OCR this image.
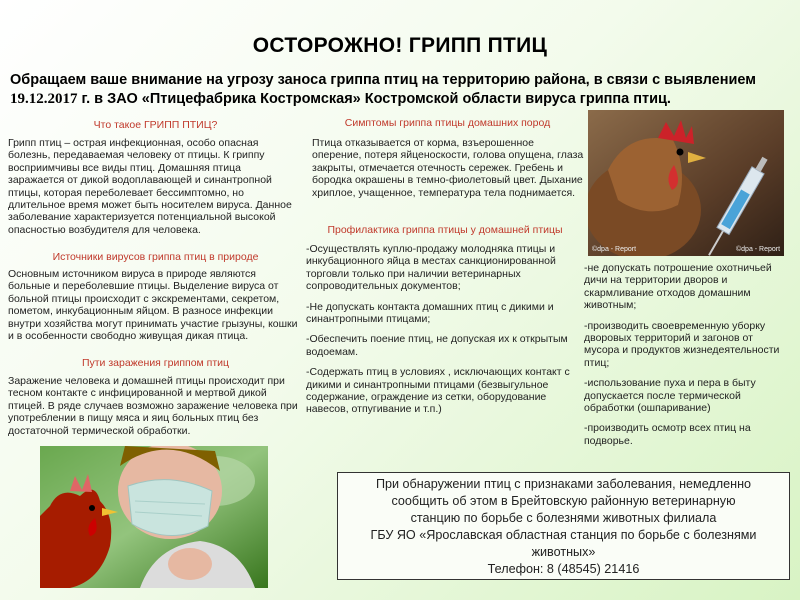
ОСТОРОЖНО! ГРИПП ПТИЦ
Обращаем ваше внимание на угрозу заноса гриппа птиц на территорию района, в связи с выявлением
19.12.2017 г. в ЗАО «Птицефабрика Костромская» Костромской области вируса гриппа птиц.
Что такое ГРИПП ПТИЦ?
Грипп птиц – острая инфекционная, особо опасная болезнь, передаваемая человеку от птицы. К гриппу восприимчивы все виды птиц. Домашняя птица заражается от дикой водоплавающей и синантропной птицы, которая переболевает бессимптомно, но длительное время может быть носителем вируса. Данное заболевание характеризуется потенциальной высокой опасностью возбудителя для человека.
Источники вирусов гриппа птиц в природе
Основным источником вируса в природе являются больные и переболевшие птицы. Выделение вируса от больной птицы происходит с экскрементами, секретом, пометом, инкубационным яйцом. В разносе инфекции внутри хозяйства могут принимать участие грызуны, кошки и в особенности свободно живущая дикая птица.
Пути заражения гриппом птиц
Заражение человека и домашней птицы происходит при тесном контакте с инфицированной и мертвой дикой птицей. В ряде случаев возможно заражение человека при употреблении в пищу мяса и яиц больных птиц без достаточной термической обработки.
Симптомы гриппа птицы домашних пород
Птица отказывается от корма, взъерошенное оперение, потеря яйценоскости, голова опущена, глаза закрыты, отмечается отечность сережек. Гребень и бородка окрашены в темно-фиолетовый цвет. Дыхание хриплое, учащенное, температура тела поднимается.
Профилактика гриппа птицы у домашней птицы

-Осуществлять куплю-продажу молодняка птицы и инкубационного яйца в местах санкционированной торговли только при наличии ветеринарных сопроводительных документов;

-Не допускать контакта домашних птиц с дикими и синантропными птицами;

-Обеспечить поение птиц, не допуская их к открытым водоемам.

-Содержать птиц в условиях , исключающих контакт с дикими и синантропными птицами (безвыгульное содержание, ограждение из сетки, оборудование навесов, отпугивание и т.п.)

©dpa - Report	©dpa - Report

-не допускать потрошение охотничьей дичи на территории дворов и скармливание отходов домашним животным;

-производить своевременную уборку дворовых территорий и загонов от мусора и продуктов жизнедеятельности птиц;

-использование пуха и пера в быту допускается после термической обработки (ошпаривание)

-производить осмотр всех птиц на подворье.

При обнаружении птиц с признаками заболевания, немедленно
сообщить об этом в Брейтовскую районную ветеринарную
станцию по борьбе с болезнями животных филиала
ГБУ ЯО «Ярославская областная станция по борьбе с болезнями
животных»
Телефон: 8 (48545) 21416
